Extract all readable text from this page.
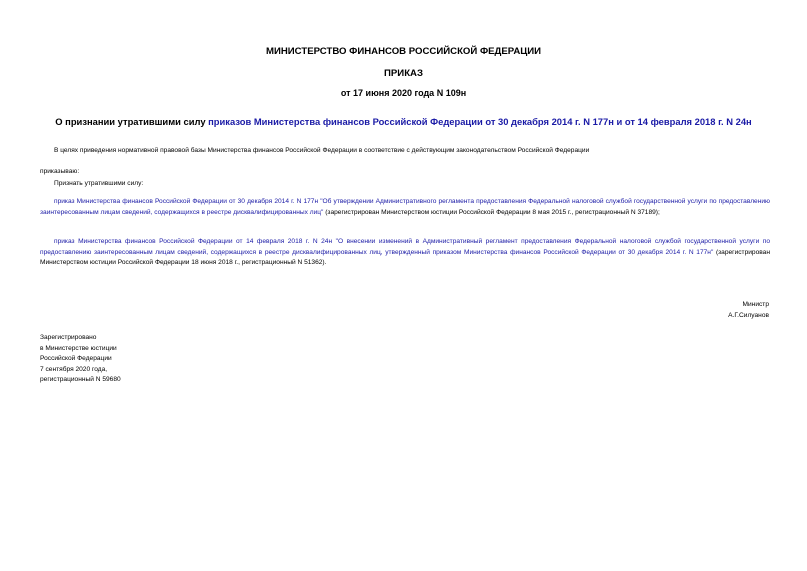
МИНИСТЕРСТВО ФИНАНСОВ РОССИЙСКОЙ ФЕДЕРАЦИИ
ПРИКАЗ
от 17 июня 2020 года N 109н
О признании утратившими силу приказов Министерства финансов Российской Федерации от 30 декабря 2014 г. N 177н и от 14 февраля 2018 г. N 24н
В целях приведения нормативной правовой базы Министерства финансов Российской Федерации в соответствие с действующим законодательством Российской Федерации
приказываю:
Признать утратившими силу:
приказ Министерства финансов Российской Федерации от 30 декабря 2014 г. N 177н "Об утверждении Административного регламента предоставления Федеральной налоговой службой государственной услуги по предоставлению заинтересованным лицам сведений, содержащихся в реестре дисквалифицированных лиц" (зарегистрирован Министерством юстиции Российской Федерации 8 мая 2015 г., регистрационный N 37189);
приказ Министерства финансов Российской Федерации от 14 февраля 2018 г. N 24н "О внесении изменений в Административный регламент предоставления Федеральной налоговой службой государственной услуги по предоставлению заинтересованным лицам сведений, содержащихся в реестре дисквалифицированных лиц, утвержденный приказом Министерства финансов Российской Федерации от 30 декабря 2014 г. N 177н" (зарегистрирован Министерством юстиции Российской Федерации 18 июня 2018 г., регистрационный N 51362).
Министр
А.Г.Силуанов
Зарегистрировано
в Министерстве юстиции
Российской Федерации
7 сентября 2020 года,
регистрационный N 59680
